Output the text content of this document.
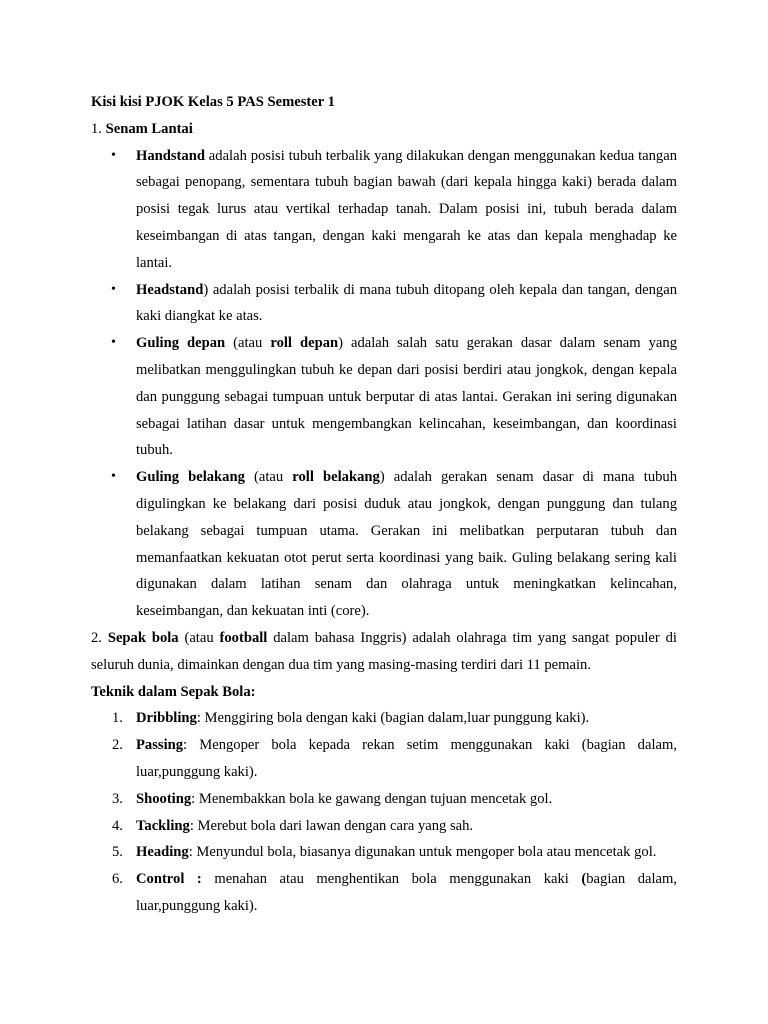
Kisi kisi PJOK Kelas 5 PAS Semester 1

1. Senam Lantai

• Handstand adalah posisi tubuh terbalik yang dilakukan dengan menggunakan kedua tangan sebagai penopang, sementara tubuh bagian bawah (dari kepala hingga kaki) berada dalam posisi tegak lurus atau vertikal terhadap tanah. Dalam posisi ini, tubuh berada dalam keseimbangan di atas tangan, dengan kaki mengarah ke atas dan kepala menghadap ke lantai.
• Headstand) adalah posisi terbalik di mana tubuh ditopang oleh kepala dan tangan, dengan kaki diangkat ke atas.
• Guling depan (atau roll depan) adalah salah satu gerakan dasar dalam senam yang melibatkan menggulingkan tubuh ke depan dari posisi berdiri atau jongkok, dengan kepala dan punggung sebagai tumpuan untuk berputar di atas lantai. Gerakan ini sering digunakan sebagai latihan dasar untuk mengembangkan kelincahan, keseimbangan, dan koordinasi tubuh.
• Guling belakang (atau roll belakang) adalah gerakan senam dasar di mana tubuh digulingkan ke belakang dari posisi duduk atau jongkok, dengan punggung dan tulang belakang sebagai tumpuan utama. Gerakan ini melibatkan perputaran tubuh dan memanfaatkan kekuatan otot perut serta koordinasi yang baik. Guling belakang sering kali digunakan dalam latihan senam dan olahraga untuk meningkatkan kelincahan, keseimbangan, dan kekuatan inti (core).

2. Sepak bola (atau football dalam bahasa Inggris) adalah olahraga tim yang sangat populer di seluruh dunia, dimainkan dengan dua tim yang masing-masing terdiri dari 11 pemain.

Teknik dalam Sepak Bola:

1. Dribbling: Menggiring bola dengan kaki (bagian dalam,luar punggung kaki).
2. Passing: Mengoper bola kepada rekan setim menggunakan kaki (bagian dalam, luar,punggung kaki).
3. Shooting: Menembakkan bola ke gawang dengan tujuan mencetak gol.
4. Tackling: Merebut bola dari lawan dengan cara yang sah.
5. Heading: Menyundul bola, biasanya digunakan untuk mengoper bola atau mencetak gol.
6. Control : menahan atau menghentikan bola menggunakan kaki (bagian dalam, luar,punggung kaki).
